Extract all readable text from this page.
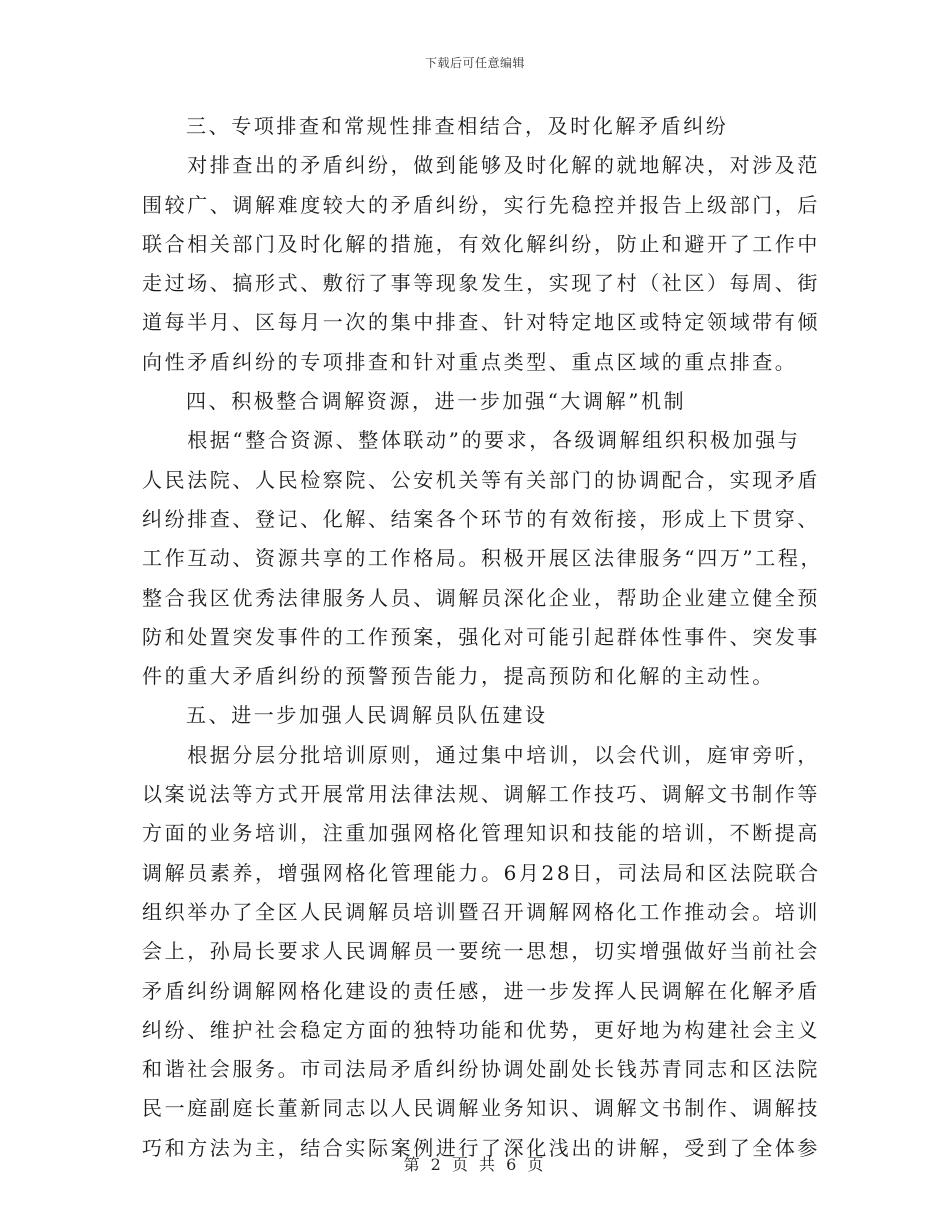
下载后可任意编辑
三、专项排查和常规性排查相结合，及时化解矛盾纠纷
　　对排查出的矛盾纠纷，做到能够及时化解的就地解决，对涉及范
围较广、调解难度较大的矛盾纠纷，实行先稳控并报告上级部门，后
联合相关部门及时化解的措施，有效化解纠纷，防止和避开了工作中
走过场、搞形式、敷衍了事等现象发生，实现了村（社区）每周、街
道每半月、区每月一次的集中排查、针对特定地区或特定领域带有倾
向性矛盾纠纷的专项排查和针对重点类型、重点区域的重点排查。
四、积极整合调解资源，进一步加强“大调解”机制
　　根据“整合资源、整体联动”的要求，各级调解组织积极加强与
人民法院、人民检察院、公安机关等有关部门的协调配合，实现矛盾
纠纷排查、登记、化解、结案各个环节的有效衔接，形成上下贯穿、
工作互动、资源共享的工作格局。积极开展区法律服务“四万”工程，
整合我区优秀法律服务人员、调解员深化企业，帮助企业建立健全预
防和处置突发事件的工作预案，强化对可能引起群体性事件、突发事
件的重大矛盾纠纷的预警预告能力，提高预防和化解的主动性。
五、进一步加强人民调解员队伍建设
　　根据分层分批培训原则，通过集中培训，以会代训，庭审旁听，
以案说法等方式开展常用法律法规、调解工作技巧、调解文书制作等
方面的业务培训，注重加强网格化管理知识和技能的培训，不断提高
调解员素养，增强网格化管理能力。6月28日，司法局和区法院联合
组织举办了全区人民调解员培训暨召开调解网格化工作推动会。培训
会上，孙局长要求人民调解员一要统一思想，切实增强做好当前社会
矛盾纠纷调解网格化建设的责任感，进一步发挥人民调解在化解矛盾
纠纷、维护社会稳定方面的独特功能和优势，更好地为构建社会主义
和谐社会服务。市司法局矛盾纠纷协调处副处长钱苏青同志和区法院
民一庭副庭长董新同志以人民调解业务知识、调解文书制作、调解技
巧和方法为主，结合实际案例进行了深化浅出的讲解，受到了全体参
第 2 页 共 6 页
